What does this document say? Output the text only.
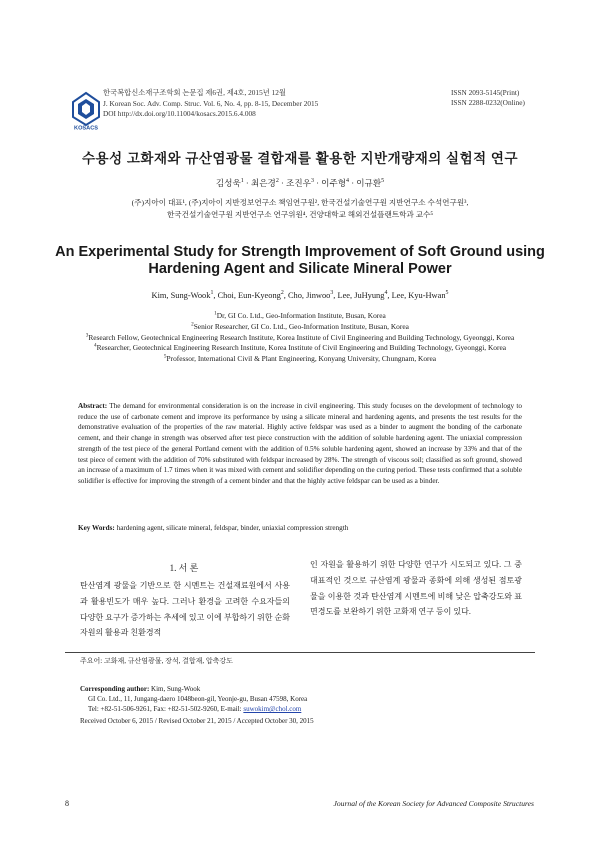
KOSACS
한국복합신소재구조학회 논문집 제6권, 제4호, 2015년 12월
J. Korean Soc. Adv. Comp. Struc. Vol. 6, No. 4, pp. 8-15, December 2015
DOI http://dx.doi.org/10.11004/kosacs.2015.6.4.008
ISSN 2093-5145(Print)
ISSN 2288-0232(Online)
수용성 고화재와 규산염광물 결합재를 활용한 지반개량재의 실험적 연구
김성욱$^1$ · 최은경$^2$ · 조진우$^3$ · 이주형$^4$ · 이규환$^5$
(주)지아이 대표¹, (주)지아이 지반정보연구소 책임연구원², 한국건설기술연구원 지반연구소 수석연구원³,
한국건설기술연구원 지반연구소 연구위원⁴, 건양대학교 해외건설플랜트학과 교수⁵
An Experimental Study for Strength Improvement of Soft Ground using
Hardening Agent and Silicate Mineral Power
Kim, Sung-Wook$^1$, Choi, Eun-Kyeong$^2$, Cho, Jinwoo$^3$, Lee, JuHyung$^4$, Lee, Kyu-Hwan$^5$
$^1$Dr, GI Co. Ltd., Geo-Information Institute, Busan, Korea
$^2$Senior Researcher, GI Co. Ltd., Geo-Information Institute, Busan, Korea
$^3$Research Fellow, Geotechnical Engineering Research Institute, Korea Institute of Civil Engineering and Building Technology, Gyeonggi, Korea
$^4$Researcher, Geotechnical Engineering Research Institute, Korea Institute of Civil Engineering and Building Technology, Gyeonggi, Korea
$^5$Professor, International Civil & Plant Engineering, Konyang University, Chungnam, Korea
Abstract: The demand for environmental consideration is on the increase in civil engineering. This study focuses on the development of technology to reduce the use of carbonate cement and improve its performance by using a silicate mineral and hardening agents, and presents the test results for the demonstrative evaluation of the properties of the raw material. Highly active feldspar was used as a binder to augment the bonding of the carbonate cement, and their change in strength was observed after test piece construction with the addition of soluble hardening agent. The uniaxial compression strength of the test piece of the general Portland cement with the addition of 0.5% soluble hardening agent, showed an increase by 33% and that of the test piece of cement with the addition of 70% substituted with feldspar increased by 28%. The strength of viscous soil; classified as soft ground, showed an increase of a maximum of 1.7 times when it was mixed with cement and solidifier depending on the curing period. These tests confirmed that a soluble solidifier is effective for improving the strength of a cement binder and that the highly active feldspar can be used as a binder.
Key Words: hardening agent, silicate mineral, feldspar, binder, uniaxial compression strength
1. 서 론
탄산염계 광물을 기반으로 한 시멘트는 건설재료원에서 사용과 활용빈도가 매우 높다. 그러나 환경을 고려한 수요자들의 다양한 요구가 증가하는 추세에 있고 이에 부합하기 위한 순화자원의 활용과 친환경적
인 자원을 활용하기 위한 다양한 연구가 시도되고 있다. 그 중 대표적인 것으로 규산염계 광물과 종화에 의해 생성된 점토광물을 이용한 것과 탄산염계 시멘트에 비해 낮은 압축강도와 표면경도를 보완하기 위한 고화재 연구 등이 있다.
주요어: 고화재, 규산염광물, 장석, 결합재, 압축강도
Corresponding author: Kim, Sung-Wook
GI Co. Ltd., 11, Jungang-daero 1048beon-gil, Yeonje-gu, Busan 47598, Korea
Tel: +82-51-506-9261, Fax: +82-51-502-9260, E-mail: suwokim@chol.com
Received October 6, 2015 / Revised October 21, 2015 / Accepted October 30, 2015
8	Journal of the Korean Society for Advanced Composite Structures
